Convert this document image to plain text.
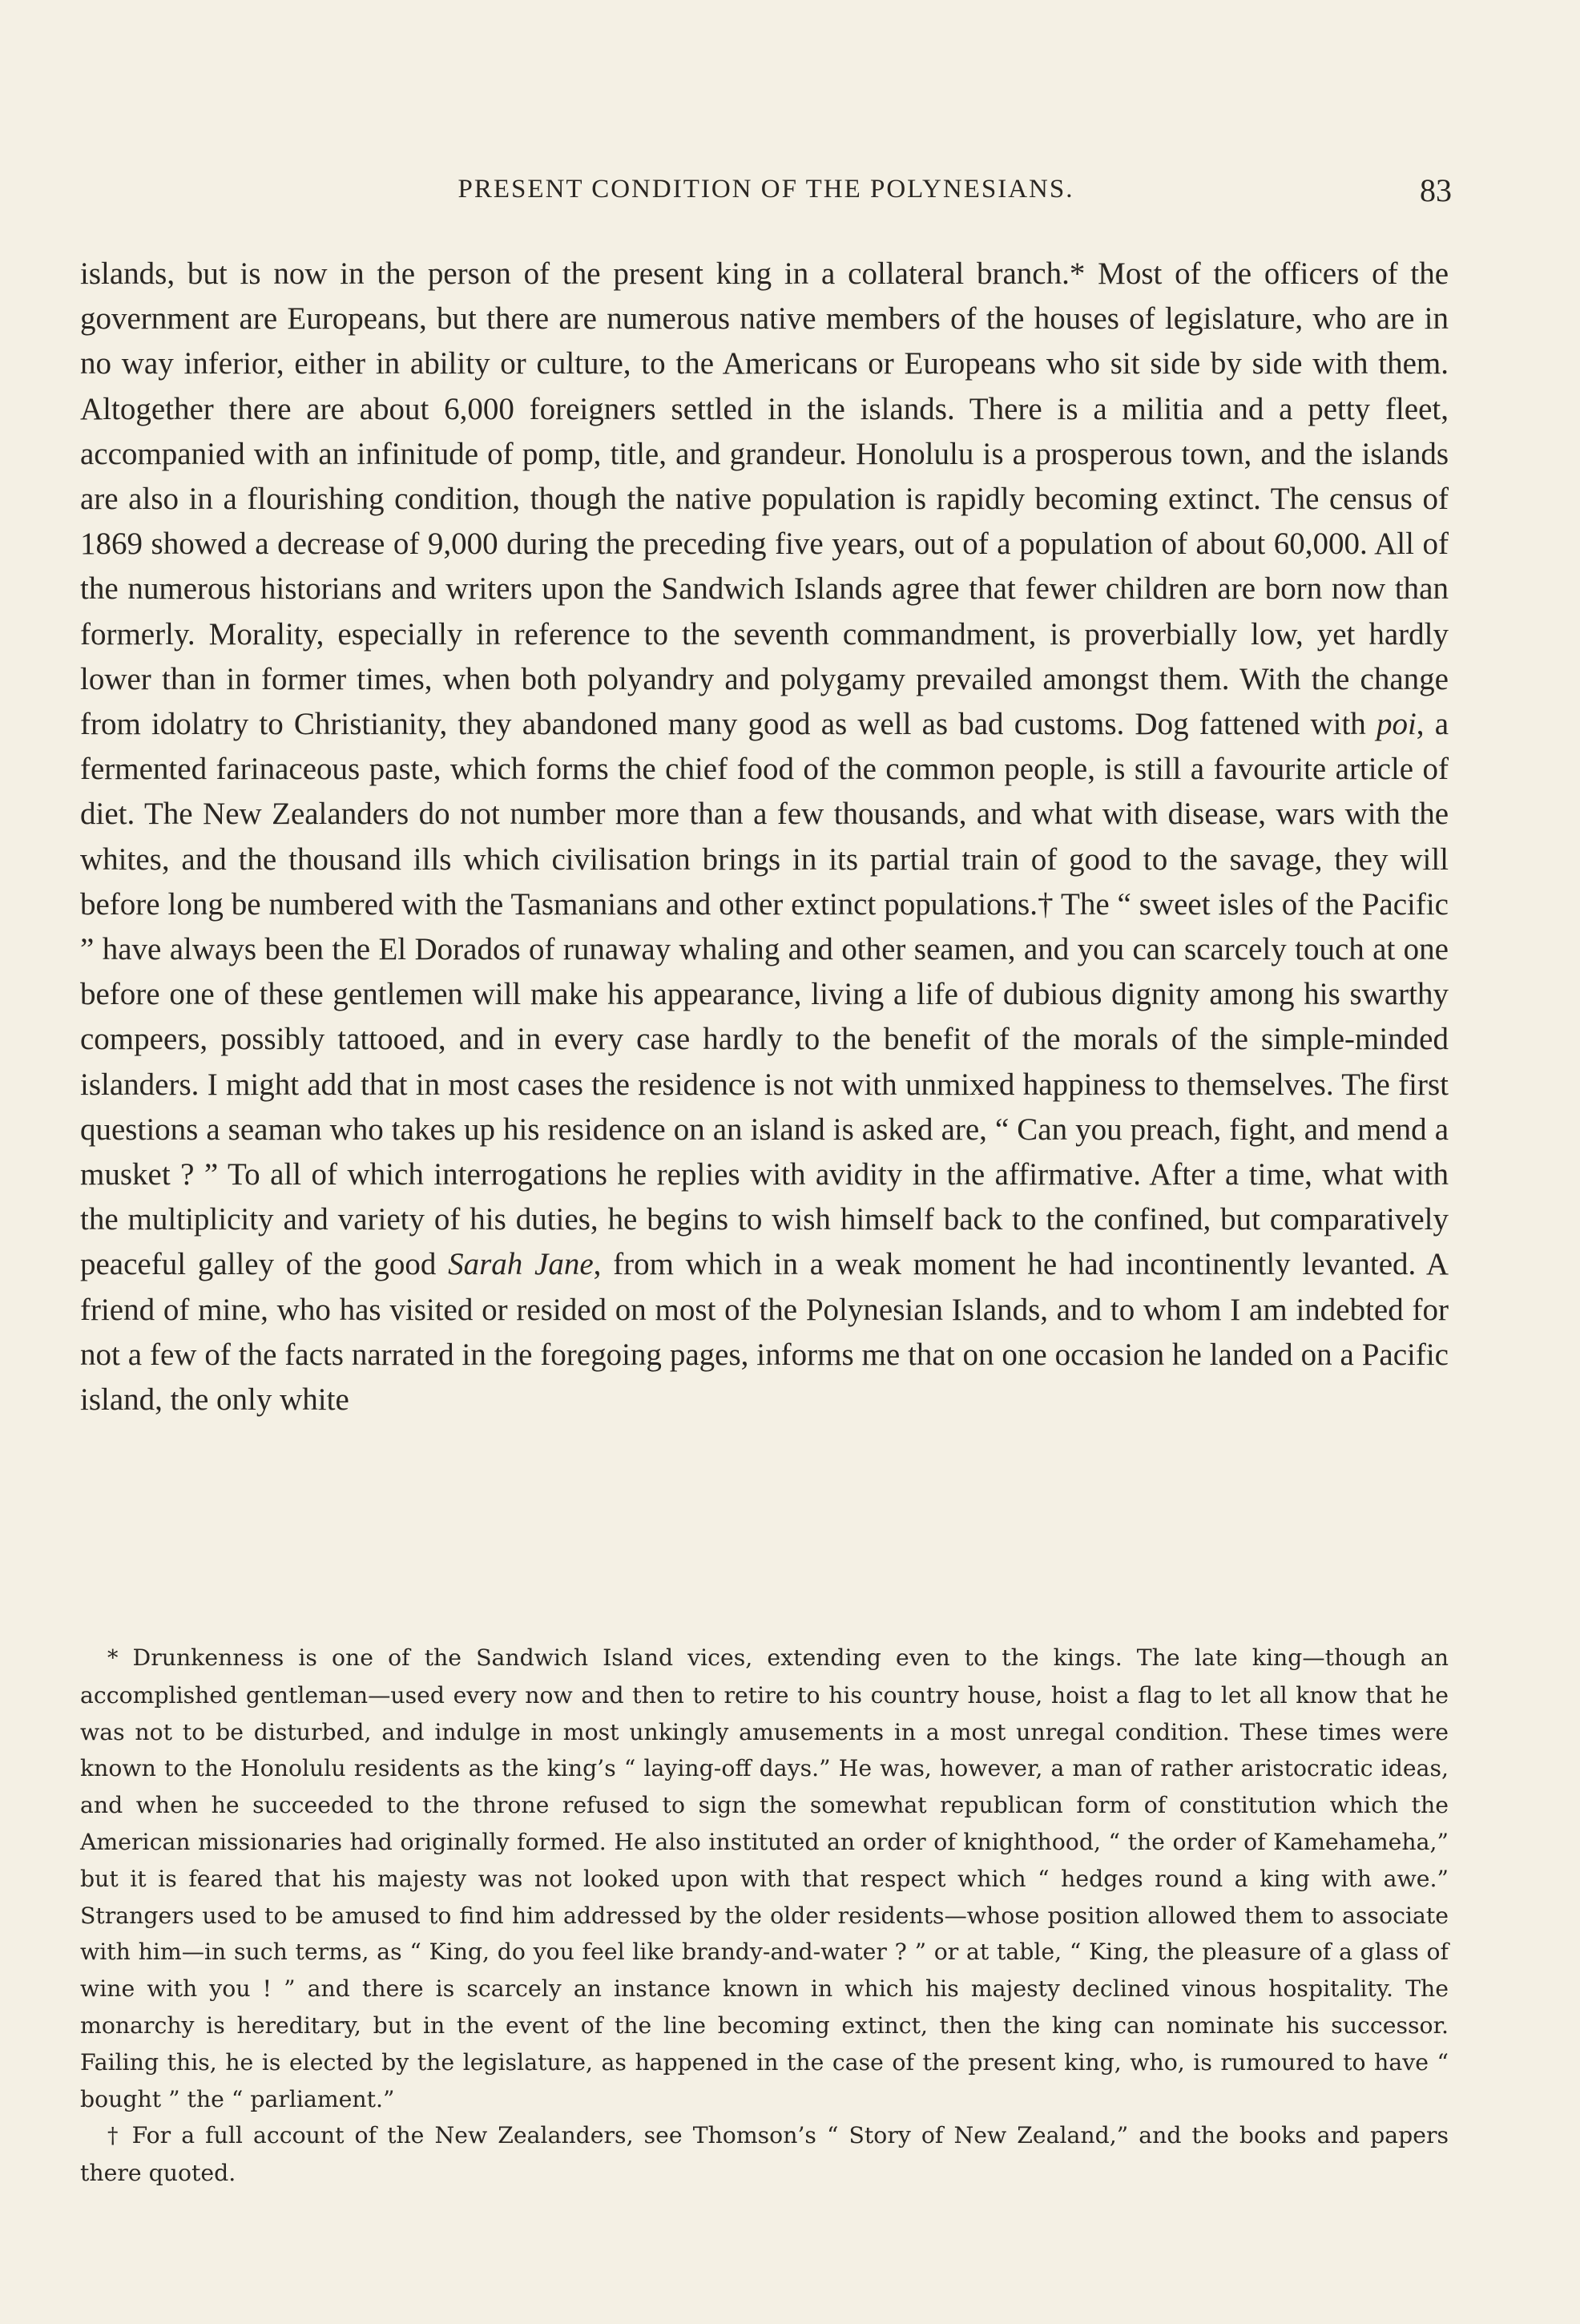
PRESENT CONDITION OF THE POLYNESIANS.	83

islands, but is now in the person of the present king in a collateral branch.* Most of the officers of the government are Europeans, but there are numerous native members of the houses of legislature, who are in no way inferior, either in ability or culture, to the Americans or Europeans who sit side by side with them. Altogether there are about 6,000 foreigners settled in the islands. There is a militia and a petty fleet, accompanied with an infinitude of pomp, title, and grandeur. Honolulu is a prosperous town, and the islands are also in a flourishing condition, though the native population is rapidly becoming extinct. The census of 1869 showed a decrease of 9,000 during the preceding five years, out of a population of about 60,000. All of the numerous historians and writers upon the Sandwich Islands agree that fewer children are born now than formerly. Morality, especially in reference to the seventh commandment, is proverbially low, yet hardly lower than in former times, when both polyandry and polygamy prevailed amongst them. With the change from idolatry to Christianity, they abandoned many good as well as bad customs. Dog fattened with poi, a fermented farinaceous paste, which forms the chief food of the common people, is still a favourite article of diet. The New Zealanders do not number more than a few thousands, and what with disease, wars with the whites, and the thousand ills which civilisation brings in its partial train of good to the savage, they will before long be numbered with the Tasmanians and other extinct populations.† The “ sweet isles of the Pacific ” have always been the El Dorados of runaway whaling and other seamen, and you can scarcely touch at one before one of these gentlemen will make his appearance, living a life of dubious dignity among his swarthy compeers, possibly tattooed, and in every case hardly to the benefit of the morals of the simple-minded islanders. I might add that in most cases the residence is not with unmixed happiness to themselves. The first questions a seaman who takes up his residence on an island is asked are, “ Can you preach, fight, and mend a musket ? ” To all of which interrogations he replies with avidity in the affirmative. After a time, what with the multiplicity and variety of his duties, he begins to wish himself back to the confined, but comparatively peaceful galley of the good Sarah Jane, from which in a weak moment he had incontinently levanted. A friend of mine, who has visited or resided on most of the Polynesian Islands, and to whom I am indebted for not a few of the facts narrated in the foregoing pages, informs me that on one occasion he landed on a Pacific island, the only white

* Drunkenness is one of the Sandwich Island vices, extending even to the kings. The late king—though an accomplished gentleman—used every now and then to retire to his country house, hoist a flag to let all know that he was not to be disturbed, and indulge in most unkingly amusements in a most unregal condition. These times were known to the Honolulu residents as the king’s “ laying-off days.” He was, however, a man of rather aristocratic ideas, and when he succeeded to the throne refused to sign the somewhat republican form of constitution which the American missionaries had originally formed. He also instituted an order of knighthood, “ the order of Kamehameha,” but it is feared that his majesty was not looked upon with that respect which “ hedges round a king with awe.” Strangers used to be amused to find him addressed by the older residents—whose position allowed them to associate with him—in such terms, as “ King, do you feel like brandy-and-water ? ” or at table, “ King, the pleasure of a glass of wine with you ! ” and there is scarcely an instance known in which his majesty declined vinous hospitality. The monarchy is hereditary, but in the event of the line becoming extinct, then the king can nominate his successor. Failing this, he is elected by the legislature, as happened in the case of the present king, who, is rumoured to have “ bought ” the “ parliament.”

† For a full account of the New Zealanders, see Thomson’s “ Story of New Zealand,” and the books and papers there quoted.
